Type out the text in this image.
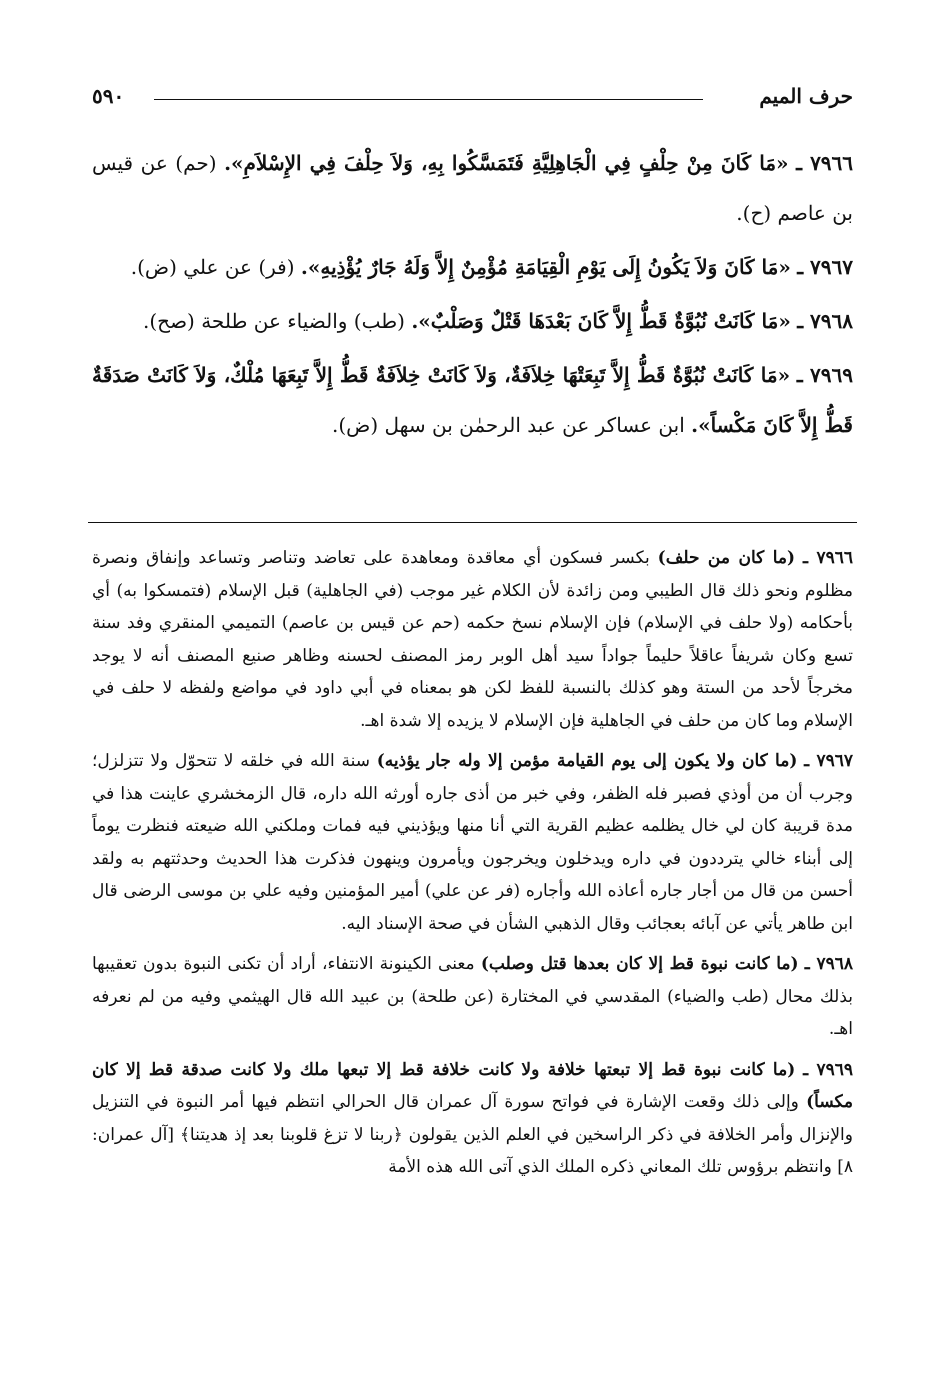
حرف الميم
٥٩٠

٧٩٦٦ ـ «مَا كَانَ مِنْ حِلْفٍ فِي الْجَاهِلِيَّةِ فَتَمَسَّكُوا بِهِ، وَلاَ حِلْفَ فِي الإِسْلاَمِ». (حم) عن قيس بن عاصم (ح).

٧٩٦٧ ـ «مَا كَانَ وَلاَ يَكُونُ إِلَى يَوْمِ الْقِيَامَةِ مُؤْمِنٌ إِلاَّ وَلَهُ جَارٌ يُؤْذِيهِ». (فر) عن علي (ض).

٧٩٦٨ ـ «مَا كَانَتْ نُبُوَّةٌ قَطُّ إِلاَّ كَانَ بَعْدَهَا قَتْلٌ وَصَلْبٌ». (طب) والضياء عن طلحة (صح).

٧٩٦٩ ـ «مَا كَانَتْ نُبُوَّةٌ قَطُّ إِلاَّ تَبِعَتْهَا خِلاَفَةٌ، وَلاَ كَانَتْ خِلاَفَةٌ قَطُّ إِلاَّ تَبِعَهَا مُلْكٌ، وَلاَ كَانَتْ صَدَقَةٌ قَطُّ إِلاَّ كَانَ مَكْساً». ابن عساكر عن عبد الرحمٰن بن سهل (ض).

٧٩٦٦ ـ (ما كان من حلف) بكسر فسكون أي معاقدة ومعاهدة على تعاضد وتناصر وتساعد وإنفاق ونصرة مظلوم ونحو ذلك قال الطيبي ومن زائدة لأن الكلام غير موجب (في الجاهلية) قبل الإسلام (فتمسكوا به) أي بأحكامه (ولا حلف في الإسلام) فإن الإسلام نسخ حكمه (حم عن قيس بن عاصم) التميمي المنقري وفد سنة تسع وكان شريفاً عاقلاً حليماً جواداً سيد أهل الوبر رمز المصنف لحسنه وظاهر صنيع المصنف أنه لا يوجد مخرجاً لأحد من الستة وهو كذلك بالنسبة للفظ لكن هو بمعناه في أبي داود في مواضع ولفظه لا حلف في الإسلام وما كان من حلف في الجاهلية فإن الإسلام لا يزيده إلا شدة اهـ.

٧٩٦٧ ـ (ما كان ولا يكون إلى يوم القيامة مؤمن إلا وله جار يؤذيه) سنة الله في خلقه لا تتحوّل ولا تتزلزل؛ وجرب أن من أوذي فصبر فله الظفر، وفي خبر من أذى جاره أورثه الله داره، قال الزمخشري عاينت هذا في مدة قريبة كان لي خال يظلمه عظيم القرية التي أنا منها ويؤذيني فيه فمات وملكني الله ضيعته فنظرت يوماً إلى أبناء خالي يترددون في داره ويدخلون ويخرجون ويأمرون وينهون فذكرت هذا الحديث وحدثتهم به ولقد أحسن من قال من أجار جاره أعاذه الله وأجاره (فر عن علي) أمير المؤمنين وفيه علي بن موسى الرضى قال ابن طاهر يأتي عن آبائه بعجائب وقال الذهبي الشأن في صحة الإسناد اليه.

٧٩٦٨ ـ (ما كانت نبوة قط إلا كان بعدها قتل وصلب) معنى الكينونة الانتفاء، أراد أن تكنى النبوة بدون تعقيبها بذلك محال (طب والضياء) المقدسي في المختارة (عن طلحة) بن عبيد الله قال الهيثمي وفيه من لم نعرفه اهـ.

٧٩٦٩ ـ (ما كانت نبوة قط إلا تبعتها خلافة ولا كانت خلافة قط إلا تبعها ملك ولا كانت صدقة قط إلا كان مكساً) وإلى ذلك وقعت الإشارة في فواتح سورة آل عمران قال الحرالي انتظم فيها أمر النبوة في التنزيل والإنزال وأمر الخلافة في ذكر الراسخين في العلم الذين يقولون ﴿ربنا لا تزغ قلوبنا بعد إذ هديتنا﴾ [آل عمران: ٨] وانتظم برؤوس تلك المعاني ذكره الملك الذي آتى الله هذه الأمة
